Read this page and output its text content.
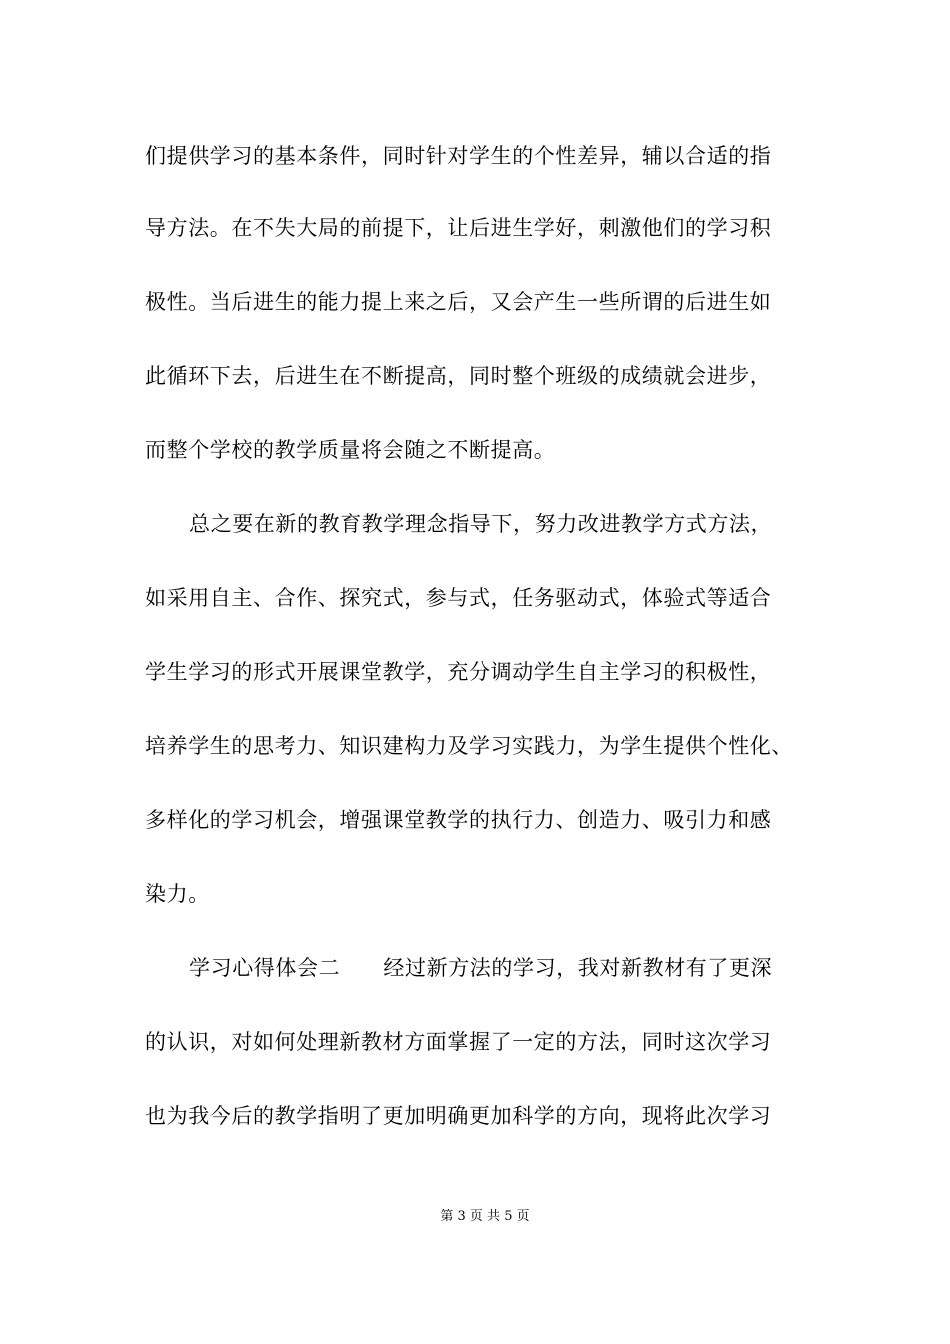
们提供学习的基本条件，同时针对学生的个性差异，辅以合适的指
导方法。在不失大局的前提下，让后进生学好，刺激他们的学习积
极性。当后进生的能力提上来之后，又会产生一些所谓的后进生如
此循环下去，后进生在不断提高，同时整个班级的成绩就会进步，
而整个学校的教学质量将会随之不断提高。
总之要在新的教育教学理念指导下，努力改进教学方式方法，
如采用自主、合作、探究式，参与式，任务驱动式，体验式等适合
学生学习的形式开展课堂教学，充分调动学生自主学习的积极性，
培养学生的思考力、知识建构力及学习实践力，为学生提供个性化、
多样化的学习机会，增强课堂教学的执行力、创造力、吸引力和感
染力。
学习心得体会二　　经过新方法的学习，我对新教材有了更深
的认识，对如何处理新教材方面掌握了一定的方法，同时这次学习
也为我今后的教学指明了更加明确更加科学的方向，现将此次学习
第 3 页 共 5 页
